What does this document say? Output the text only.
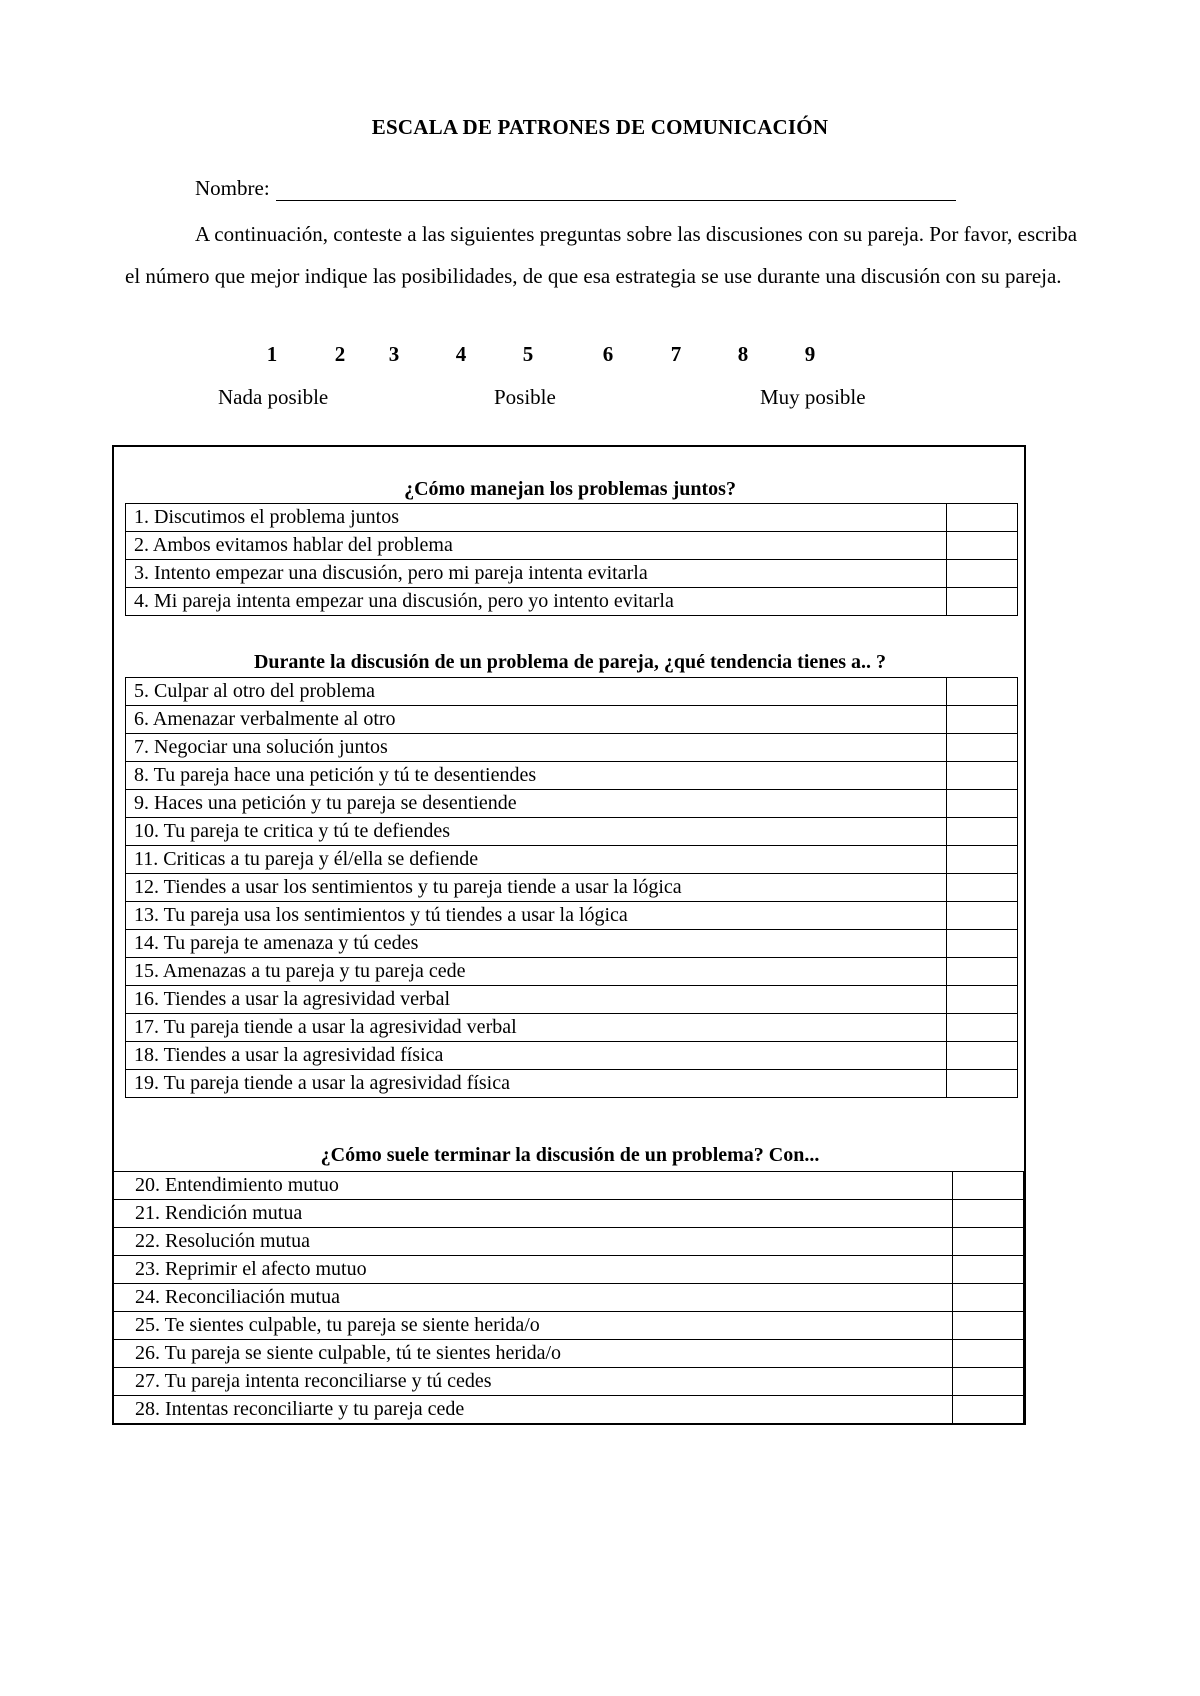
ESCALA DE PATRONES DE COMUNICACIÓN
Nombre:

A continuación, conteste a las siguientes preguntas sobre las discusiones con su pareja. Por favor, escriba el número que mejor indique las posibilidades, de que esa estrategia se use durante una discusión con su pareja.

1	2 3	4	5	6	7	8	9
Nada posible	Posible	Muy posible
¿Cómo manejan los problemas juntos?
1. Discutimos el problema juntos	
2. Ambos evitamos hablar del problema	
3. Intento empezar una discusión, pero mi pareja intenta evitarla	
4. Mi pareja intenta empezar una discusión, pero yo intento evitarla	
Durante la discusión de un problema de pareja, ¿qué tendencia tienes a.. ?
5. Culpar al otro del problema	
6. Amenazar verbalmente al otro	
7. Negociar una solución juntos	
8. Tu pareja hace una petición y tú te desentiendes	
9. Haces una petición y tu pareja se desentiende	
10. Tu pareja te critica y tú te defiendes	
11. Criticas a tu pareja y él/ella se defiende	
12. Tiendes a usar los sentimientos y tu pareja tiende a usar la lógica	
13. Tu pareja usa los sentimientos y tú tiendes a usar la lógica	
14. Tu pareja te amenaza y tú cedes	
15. Amenazas a tu pareja y tu pareja cede	
16. Tiendes a usar la agresividad verbal	
17. Tu pareja tiende a usar la agresividad verbal	
18. Tiendes a usar la agresividad física	
19. Tu pareja tiende a usar la agresividad física	
¿Cómo suele terminar la discusión de un problema? Con...
20. Entendimiento mutuo	
21. Rendición mutua	
22. Resolución mutua	
23. Reprimir el afecto mutuo	
24. Reconciliación mutua	
25. Te sientes culpable, tu pareja se siente herida/o	
26. Tu pareja se siente culpable, tú te sientes herida/o	
27. Tu pareja intenta reconciliarse y tú cedes	
28. Intentas reconciliarte y tu pareja cede	
